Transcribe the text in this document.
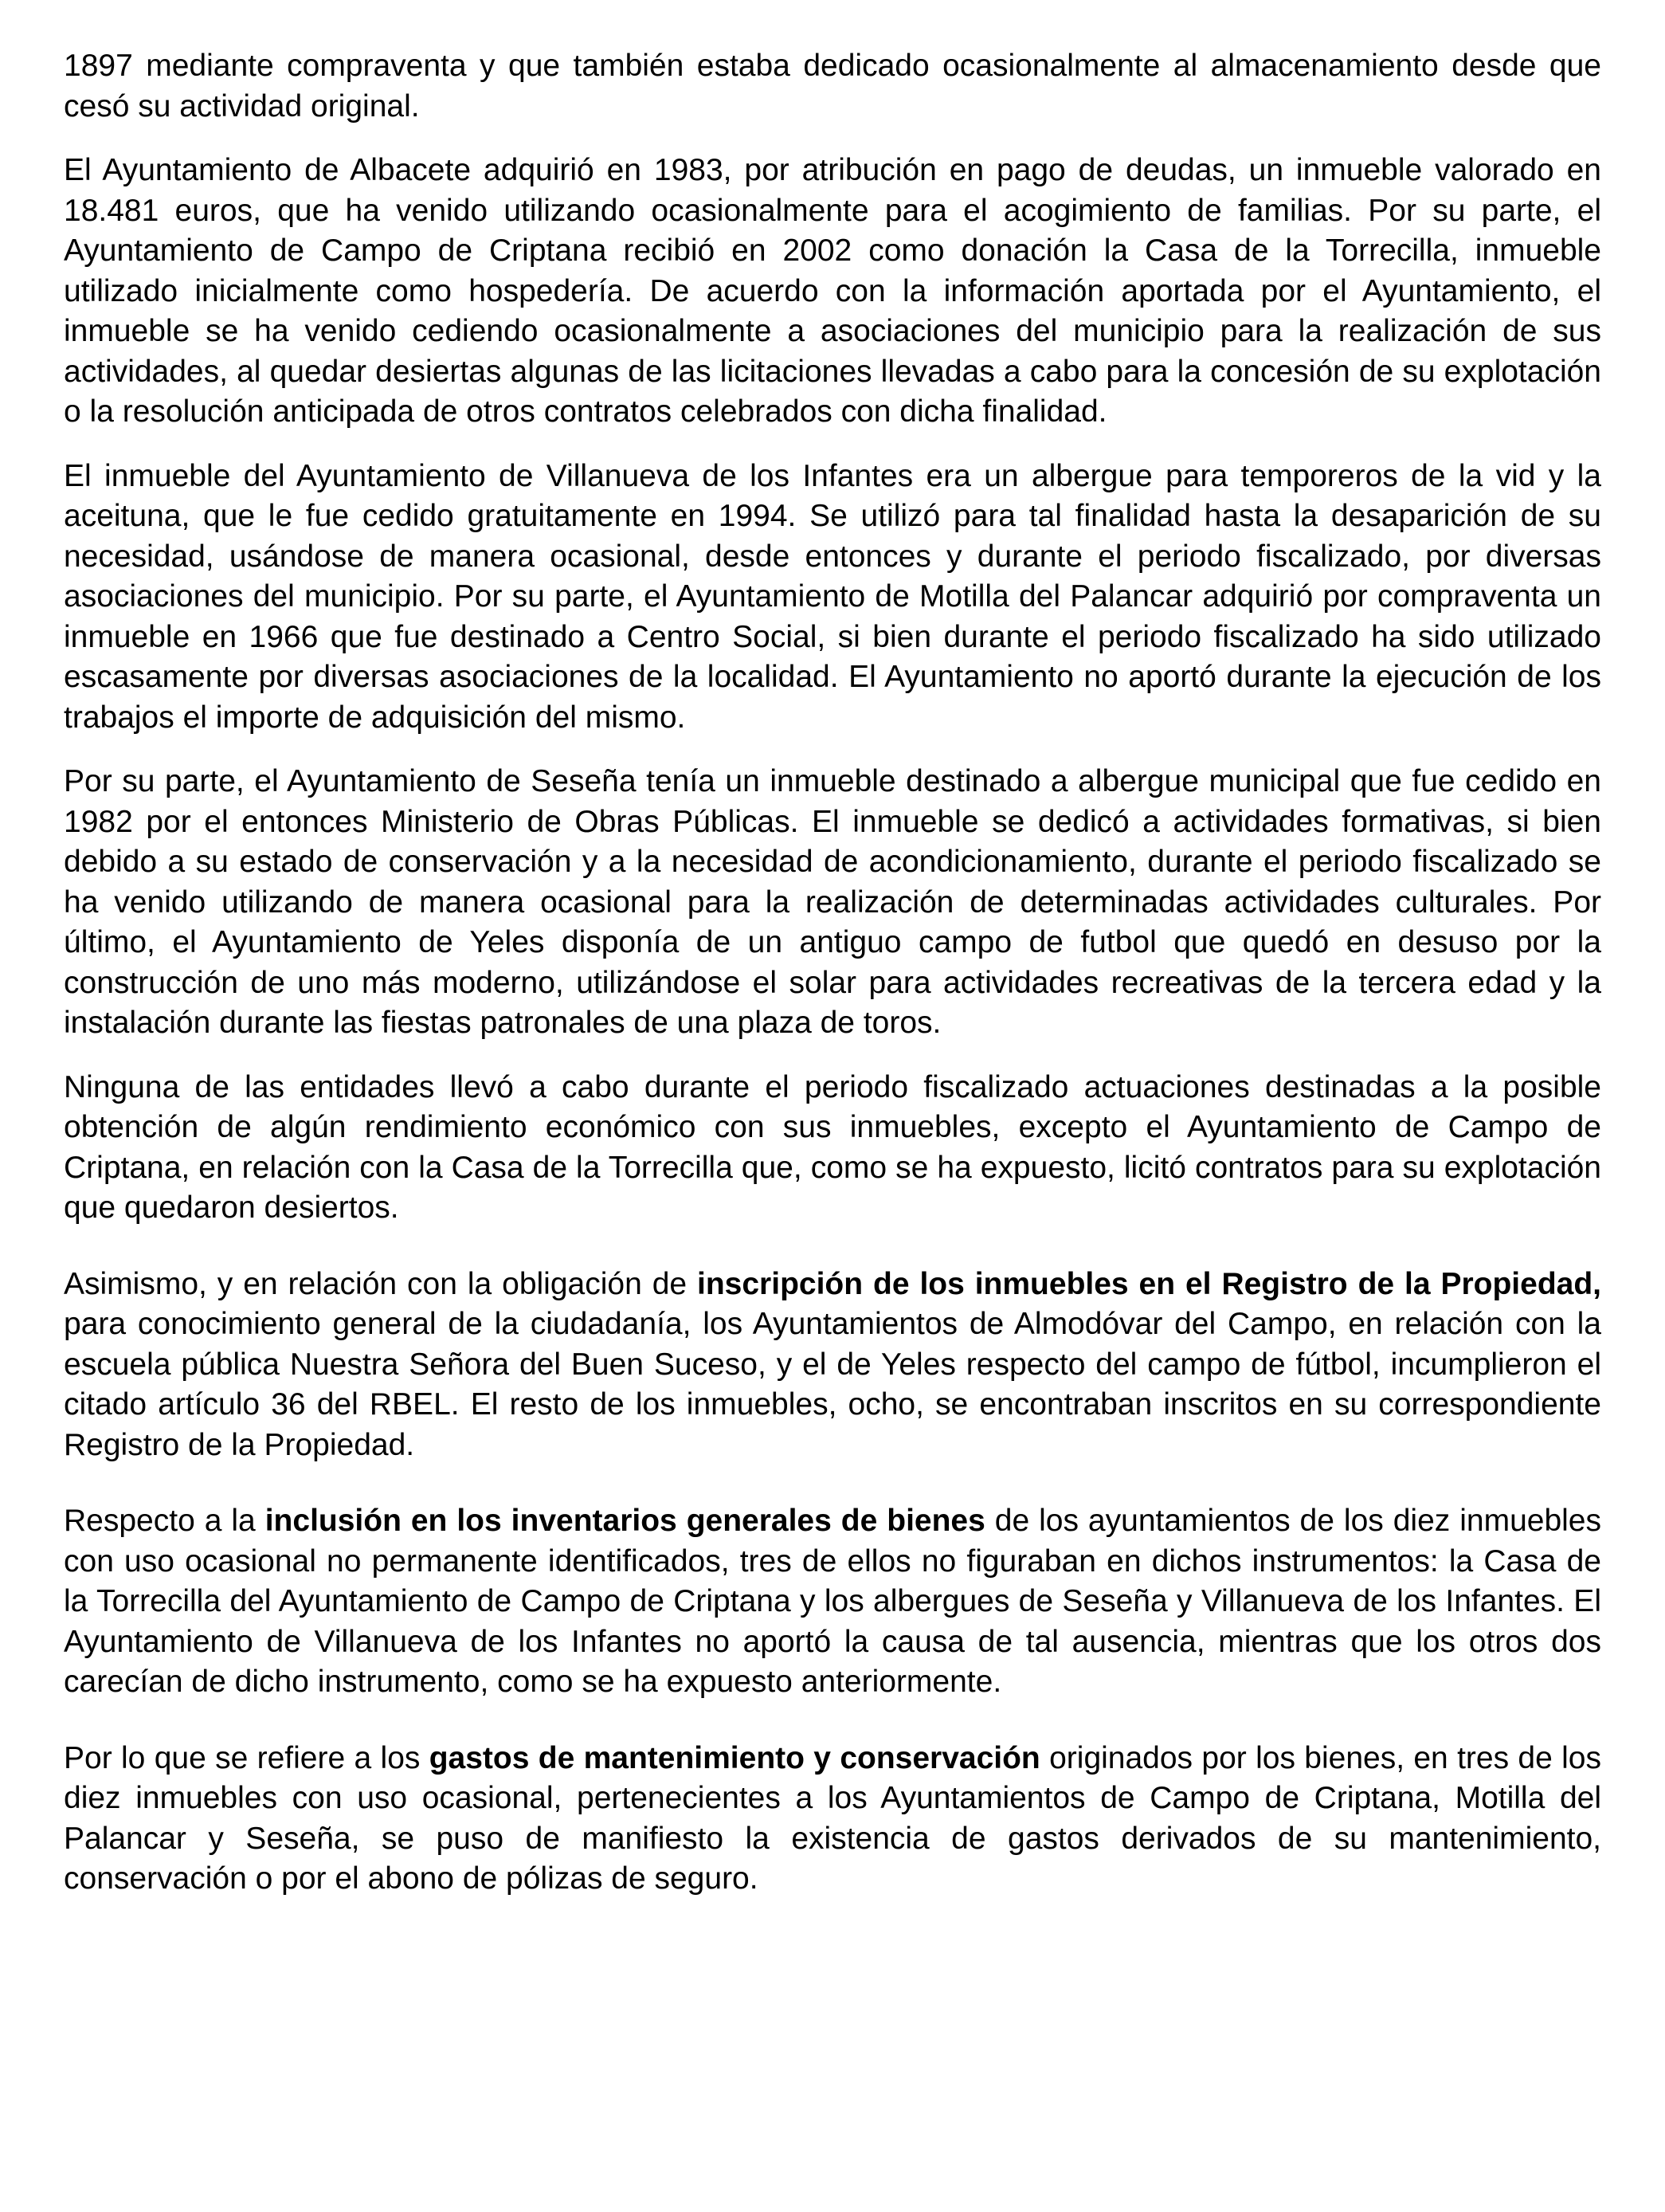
1897 mediante compraventa y que también estaba dedicado ocasionalmente al almacenamiento desde que cesó su actividad original.

El Ayuntamiento de Albacete adquirió en 1983, por atribución en pago de deudas, un inmueble valorado en 18.481 euros, que ha venido utilizando ocasionalmente para el acogimiento de familias. Por su parte, el Ayuntamiento de Campo de Criptana recibió en 2002 como donación la Casa de la Torrecilla, inmueble utilizado inicialmente como hospedería. De acuerdo con la información aportada por el Ayuntamiento, el inmueble se ha venido cediendo ocasionalmente a asociaciones del municipio para la realización de sus actividades, al quedar desiertas algunas de las licitaciones llevadas a cabo para la concesión de su explotación o la resolución anticipada de otros contratos celebrados con dicha finalidad.

El inmueble del Ayuntamiento de Villanueva de los Infantes era un albergue para temporeros de la vid y la aceituna, que le fue cedido gratuitamente en 1994. Se utilizó para tal finalidad hasta la desaparición de su necesidad, usándose de manera ocasional, desde entonces y durante el periodo fiscalizado, por diversas asociaciones del municipio. Por su parte, el Ayuntamiento de Motilla del Palancar adquirió por compraventa un inmueble en 1966 que fue destinado a Centro Social, si bien durante el periodo fiscalizado ha sido utilizado escasamente por diversas asociaciones de la localidad. El Ayuntamiento no aportó durante la ejecución de los trabajos el importe de adquisición del mismo.

Por su parte, el Ayuntamiento de Seseña tenía un inmueble destinado a albergue municipal que fue cedido en 1982 por el entonces Ministerio de Obras Públicas. El inmueble se dedicó a actividades formativas, si bien debido a su estado de conservación y a la necesidad de acondicionamiento, durante el periodo fiscalizado se ha venido utilizando de manera ocasional para la realización de determinadas actividades culturales. Por último, el Ayuntamiento de Yeles disponía de un antiguo campo de futbol que quedó en desuso por la construcción de uno más moderno, utilizándose el solar para actividades recreativas de la tercera edad y la instalación durante las fiestas patronales de una plaza de toros.

Ninguna de las entidades llevó a cabo durante el periodo fiscalizado actuaciones destinadas a la posible obtención de algún rendimiento económico con sus inmuebles, excepto el Ayuntamiento de Campo de Criptana, en relación con la Casa de la Torrecilla que, como se ha expuesto, licitó contratos para su explotación que quedaron desiertos.

Asimismo, y en relación con la obligación de inscripción de los inmuebles en el Registro de la Propiedad, para conocimiento general de la ciudadanía, los Ayuntamientos de Almodóvar del Campo, en relación con la escuela pública Nuestra Señora del Buen Suceso, y el de Yeles respecto del campo de fútbol, incumplieron el citado artículo 36 del RBEL. El resto de los inmuebles, ocho, se encontraban inscritos en su correspondiente Registro de la Propiedad.

Respecto a la inclusión en los inventarios generales de bienes de los ayuntamientos de los diez inmuebles con uso ocasional no permanente identificados, tres de ellos no figuraban en dichos instrumentos: la Casa de la Torrecilla del Ayuntamiento de Campo de Criptana y los albergues de Seseña y Villanueva de los Infantes. El Ayuntamiento de Villanueva de los Infantes no aportó la causa de tal ausencia, mientras que los otros dos carecían de dicho instrumento, como se ha expuesto anteriormente.

Por lo que se refiere a los gastos de mantenimiento y conservación originados por los bienes, en tres de los diez inmuebles con uso ocasional, pertenecientes a los Ayuntamientos de Campo de Criptana, Motilla del Palancar y Seseña, se puso de manifiesto la existencia de gastos derivados de su mantenimiento, conservación o por el abono de pólizas de seguro.
